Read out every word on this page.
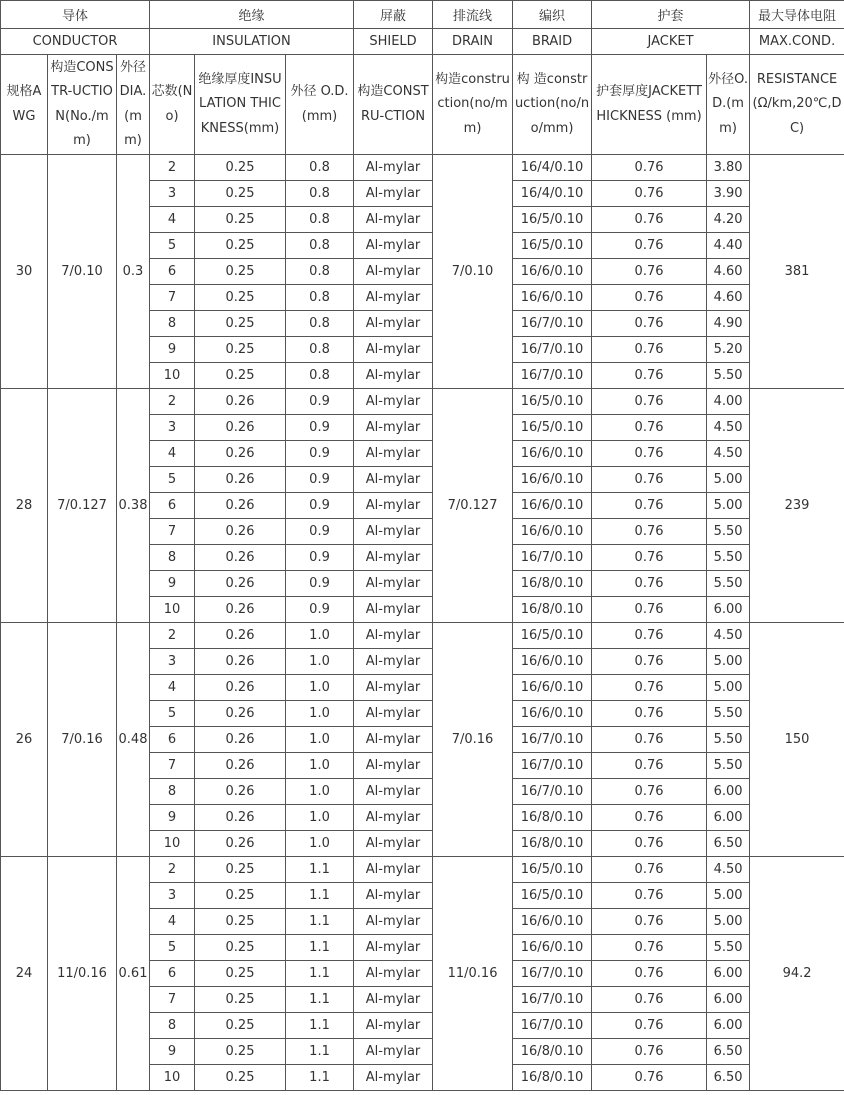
导体			绝缘			屏蔽	排流线	编织	护套		最大导体电阻
CONDUCTOR			INSULATION			SHIELD	DRAIN	BRAID	JACKET		MAX.COND.
规格AWG	构造CONSTR-UCTION(No./mm)	外径DIA.(mm)	芯数(No)	绝缘厚度INSULATION THICKNESS(mm)	外径 O.D.(mm)	构造CONSTRU-CTION	构造construction(no/mm)	构 造construction(no/no/mm)	护套厚度JACKETTHICKNESS (mm)	外径O.D.(mm)	RESISTANCE(Ω/km,20℃,DC)
30	7/0.10	0.3	2	0.25	0.8	Al-mylar	7/0.10	16/4/0.10	0.76	3.80	381
			3	0.25	0.8	Al-mylar		16/4/0.10	0.76	3.90	
			4	0.25	0.8	Al-mylar		16/5/0.10	0.76	4.20	
			5	0.25	0.8	Al-mylar		16/5/0.10	0.76	4.40	
			6	0.25	0.8	Al-mylar		16/6/0.10	0.76	4.60	
			7	0.25	0.8	Al-mylar		16/6/0.10	0.76	4.60	
			8	0.25	0.8	Al-mylar		16/7/0.10	0.76	4.90	
			9	0.25	0.8	Al-mylar		16/7/0.10	0.76	5.20	
			10	0.25	0.8	Al-mylar		16/7/0.10	0.76	5.50	
28	7/0.127	0.38	2	0.26	0.9	Al-mylar	7/0.127	16/5/0.10	0.76	4.00	239
			3	0.26	0.9	Al-mylar		16/5/0.10	0.76	4.50	
			4	0.26	0.9	Al-mylar		16/6/0.10	0.76	4.50	
			5	0.26	0.9	Al-mylar		16/6/0.10	0.76	5.00	
			6	0.26	0.9	Al-mylar		16/6/0.10	0.76	5.00	
			7	0.26	0.9	Al-mylar		16/6/0.10	0.76	5.50	
			8	0.26	0.9	Al-mylar		16/7/0.10	0.76	5.50	
			9	0.26	0.9	Al-mylar		16/8/0.10	0.76	5.50	
			10	0.26	0.9	Al-mylar		16/8/0.10	0.76	6.00	
26	7/0.16	0.48	2	0.26	1.0	Al-mylar	7/0.16	16/5/0.10	0.76	4.50	150
			3	0.26	1.0	Al-mylar		16/6/0.10	0.76	5.00	
			4	0.26	1.0	Al-mylar		16/6/0.10	0.76	5.00	
			5	0.26	1.0	Al-mylar		16/6/0.10	0.76	5.50	
			6	0.26	1.0	Al-mylar		16/7/0.10	0.76	5.50	
			7	0.26	1.0	Al-mylar		16/7/0.10	0.76	5.50	
			8	0.26	1.0	Al-mylar		16/7/0.10	0.76	6.00	
			9	0.26	1.0	Al-mylar		16/8/0.10	0.76	6.00	
			10	0.26	1.0	Al-mylar		16/8/0.10	0.76	6.50	
24	11/0.16	0.61	2	0.25	1.1	Al-mylar	11/0.16	16/5/0.10	0.76	4.50	94.2
			3	0.25	1.1	Al-mylar		16/5/0.10	0.76	5.00	
			4	0.25	1.1	Al-mylar		16/6/0.10	0.76	5.00	
			5	0.25	1.1	Al-mylar		16/6/0.10	0.76	5.50	
			6	0.25	1.1	Al-mylar		16/7/0.10	0.76	6.00	
			7	0.25	1.1	Al-mylar		16/7/0.10	0.76	6.00	
			8	0.25	1.1	Al-mylar		16/7/0.10	0.76	6.00	
			9	0.25	1.1	Al-mylar		16/8/0.10	0.76	6.50	
			10	0.25	1.1	Al-mylar		16/8/0.10	0.76	6.50	
